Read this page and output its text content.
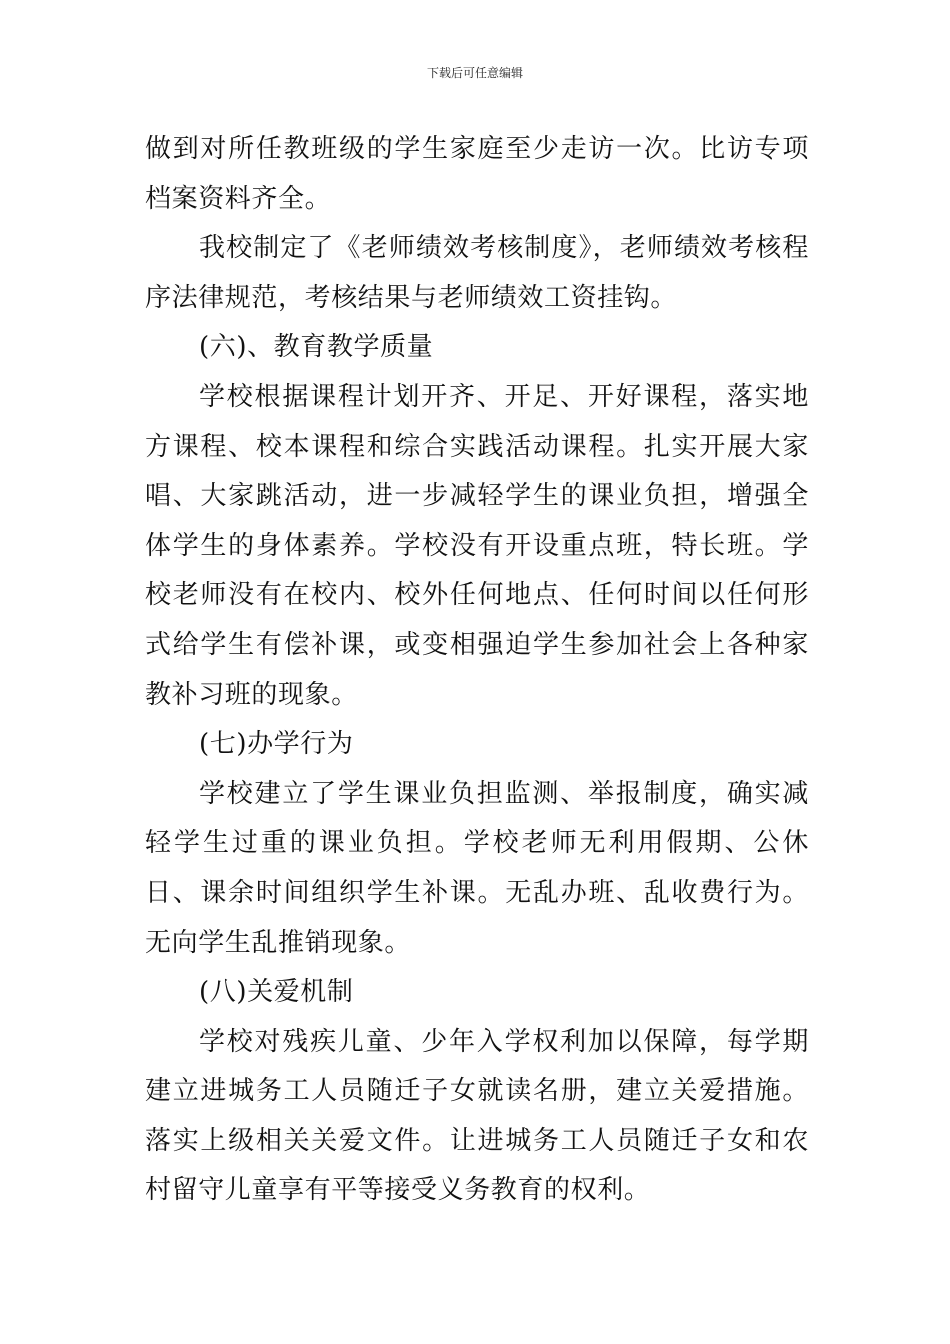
下载后可任意编辑

做到对所任教班级的学生家庭至少走访一次。比访专项档案资料齐全。

我校制定了《老师绩效考核制度》，老师绩效考核程序法律规范，考核结果与老师绩效工资挂钩。

(六)、教育教学质量

学校根据课程计划开齐、开足、开好课程，落实地方课程、校本课程和综合实践活动课程。扎实开展大家唱、大家跳活动，进一步减轻学生的课业负担，增强全体学生的身体素养。学校没有开设重点班，特长班。学校老师没有在校内、校外任何地点、任何时间以任何形式给学生有偿补课，或变相强迫学生参加社会上各种家教补习班的现象。

(七)办学行为

学校建立了学生课业负担监测、举报制度，确实减轻学生过重的课业负担。学校老师无利用假期、公休日、课余时间组织学生补课。无乱办班、乱收费行为。无向学生乱推销现象。

(八)关爱机制

学校对残疾儿童、少年入学权利加以保障，每学期建立进城务工人员随迁子女就读名册，建立关爱措施。落实上级相关关爱文件。让进城务工人员随迁子女和农村留守儿童享有平等接受义务教育的权利。
